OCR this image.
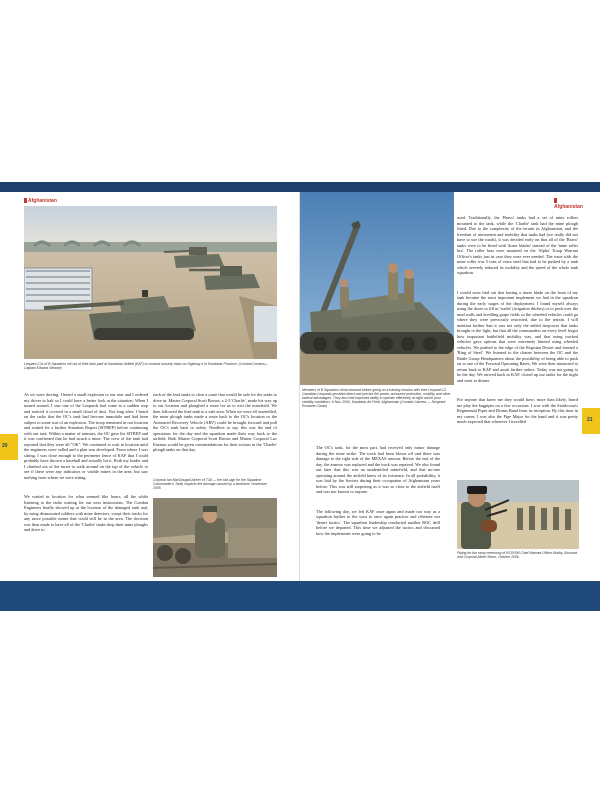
Afghanistan
Leopard C2s of B Squadron roll out of their tank park at Kandahar Airfield (KAF) to conduct security tasks on Highway 4 in Kandahar Province. (Combat Camera—Captain Edward Stewart)

As we were driving, I heard a small explosion to our rear and I ordered my driver to halt so I could have a better look at the situation. When I turned around, I saw one of the Leopards had come to a sudden stop and noticed it covered in a small cloud of dust. Not long after, I heard on the radio that the OC's tank had become immobile and had been subject to some sort of an explosion. The troop remained in our location and waited for a further Situation Report (SITREP) before continuing with our task. Within a matter of minutes, the OC gave his SITREP and it was confirmed that he had struck a mine. The crew of the tank had reported that they were all "OK". We continued to wait in location until the engineers were called and a plan was developed. From where I was sitting, I was close enough to the perimeter fence of KAF that I could probably have thrown a baseball and actually hit it. Both my loader and I climbed out of the turret to walk around on the top of the vehicle to see if there were any indicators or visible mines in the area, but saw nothing from where we were sitting.

We waited in location for what seemed like hours, all the while listening to the radio waiting for our next instructions. The Combat Engineers finally showed up at the location of the damaged tank and, by using dismounted soldiers with mine detectors, swept their tracks for any more possible mines that could still be in the area. The decision was then made to have all of the 'Charlie' tanks drop their mine ploughs and drive to

each of the lead tanks to clear a route that would be safe for the tanks to drive in. Master Corporal Scott Brown, a 2-3 'Charlie', made his way up to our location and ploughed a route for us to exit the minefield. We then followed the lead tank to a safe area. When we were all assembled, the mine plough tanks made a route back to the OC's location so the Armoured Recovery Vehicle (ARV) could be brought forward and pull the OC's tank back to safety. Needless to say, this was the end of operations for the day and the squadron made their way back to the airfield. Both Master Corporal Scott Brown and Master Corporal Luc Ensinas would be given commendations for their actions in the 'Charlie' plough tanks on that day.

Corporal Ian MacDougall (driver of T3A — the call-sign for the Squadron Commander's Tank) inspects the damage caused by a landmine, November 2006.
Afghanistan
Members of B Squadron climb onboard before going on a training mission with their Leopard C2. Canadian Leopards provided direct and precise fire power, armoured protection, mobility, and other tactical advantages. They also had improved ability to operate effectively at night and in poor visibility conditions. 6 Nov. 2006, Kandahar Air Field, Afghanistan (Combat Camera — Sergeant Roxanne Clowe)

The OC's tank, for the most part, had received only minor damage during the mine strike. The track had been blown off and there was damage to the right side of the MEXAS armour. Before the end of the day, the armour was replaced and the track was repaired. We also found out later that this was an unidentified minefield, and that no-one operating around the airfield knew of its existence. In all probability, it was laid by the Soviets during their occupation of Afghanistan years before. This was still surprising as it was so close to the airfield itself and was not known to anyone.

The following day, we left KAF once again and made our way as a squadron further to the west to once again practice and rehearse our 'desert tactics'. The squadron leadership conducted another ROC drill before we departed. This time we adjusted the tactics and discussed how the implements were going to be

used. Traditionally, the 'Bravo' tanks had a set of mine rollers mounted to the tank, while the 'Charlie' tank had the mine plough fitted. Due to the complexity of the terrain in Afghanistan, and the freedom of movement and mobility that tanks had (we really did not have to use the roads), it was decided early on that all of the 'Bravo' tanks were to be fitted with 'dozer blades' instead of the 'mine roller bra'. The roller bras were mounted on the 'Alpha' Troop Warrant Officer's tanks just in case they were ever needed. The issue with the mine roller was 5 tons of extra steel that had to be pushed by a tank which severely reduced its mobility and the speed of the whole tank squadron.

I would soon find out that having a dozer blade on the front of my tank became the most important implement we had in the squadron during the early stages of the deployment. I found myself always using the dozer to fill in 'wadis' (irrigation ditches) or to push over the mud walls and levelling grape fields so the wheeled vehicles could go where they were previously restricted, due to the terrain. I will mention further that it was not only the added firepower that tanks brought to the fight, but that all the commanders on every level forgot how important battlefield mobility was, and that using tracked vehicles gave options that were extremely limited using wheeled vehicles. We pushed to the edge of the Registan Desert and formed a 'Ring of Steel'. We listened to the chatter between the OC and the Battle Group Headquarters about the possibility of being able to push on to one of the Forward Operating Bases. We were then instructed to return back to KAF and await further orders. Today was not going to be the day. We arrived back in KAF, closed up our tanks for the night and went to dinner.

For anyone that knew me they would have, more than likely, heard me play the bagpipes on a few occasions. I was with the Strathcona's Regimental Pipes and Drums Band from its inception. By this time in my career, I was also the Pipe Major for the band and it was pretty much expected that wherever I travelled

Piping for the ramp ceremony of RCR/SM Chief Warrant Officer Bobby Girouard and Corporal Albert Storm, October 2006.
20
21
